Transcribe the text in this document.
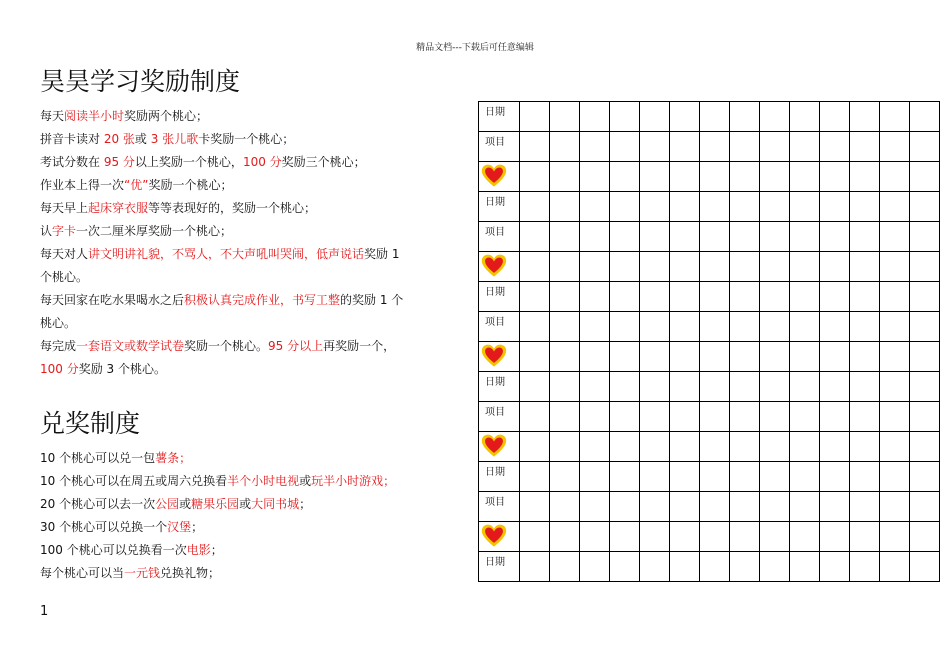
精品文档---下载后可任意编辑
昊昊学习奖励制度

每天阅读半小时奖励两个桃心；

拼音卡读对 20 张或 3 张儿歌卡奖励一个桃心；

考试分数在 95 分以上奖励一个桃心，100 分奖励三个桃心；

作业本上得一次“优”奖励一个桃心；

每天早上起床穿衣服等等表现好的，奖励一个桃心；

认字卡一次二厘米厚奖励一个桃心；

每天对人讲文明讲礼貌，不骂人，不大声吼叫哭闹，低声说话奖励 1

个桃心。

每天回家在吃水果喝水之后积极认真完成作业，书写工整的奖励 1 个

桃心。

每完成一套语文或数学试卷奖励一个桃心。95 分以上再奖励一个，

100 分奖励 3 个桃心。

兑奖制度

10 个桃心可以兑一包薯条；

10 个桃心可以在周五或周六兑换看半个小时电视或玩半小时游戏；

20 个桃心可以去一次公园或糖果乐园或大同书城；

30 个桃心可以兑换一个汉堡；

100 个桃心可以兑换看一次电影；

每个桃心可以当一元钱兑换礼物；

1
日期														
项目														

日期														
项目														

日期														
项目														

日期														
项目														

日期														
项目														

日期														
